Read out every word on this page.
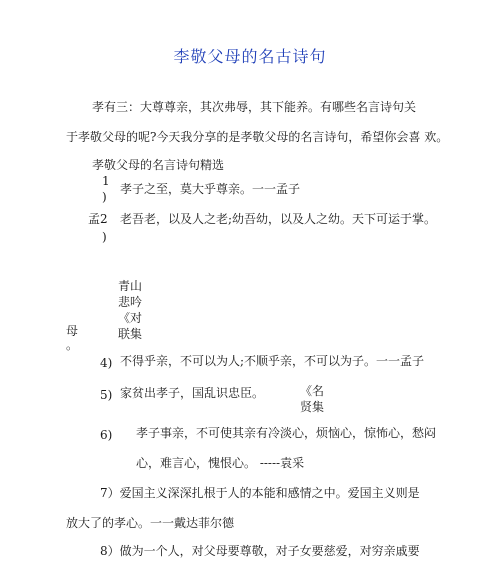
李敬父母的名古诗句
孝有三：大尊尊亲，其次弗辱，其下能养。有哪些名言诗句关
于孝敬父母的呢?今天我分享的是孝敬父母的名言诗句，希望你会喜 欢。
孝敬父母的名言诗句精选
1
)
孝子之至，莫大乎尊亲。一一孟子
孟2
)
老吾老，以及人之老;幼吾幼，以及人之幼。天下可运于掌。
青山
悲吟
《对
联集
母
。
4) 不得乎亲，不可以为人;不顺乎亲，不可以为子。一一孟子
5) 家贫出孝子，国乱识忠臣。	《名
贤集
6) 孝子事亲，不可使其亲有冷淡心，烦恼心，惊怖心，愁闷
心，难言心，愧恨心。 -----袁采
7）爱国主义深深扎根于人的本能和感情之中。爱国主义则是
放大了的孝心。一一戴达菲尔德
8）做为一个人，对父母要尊敬，对子女要慈爱，对穷亲戚要
